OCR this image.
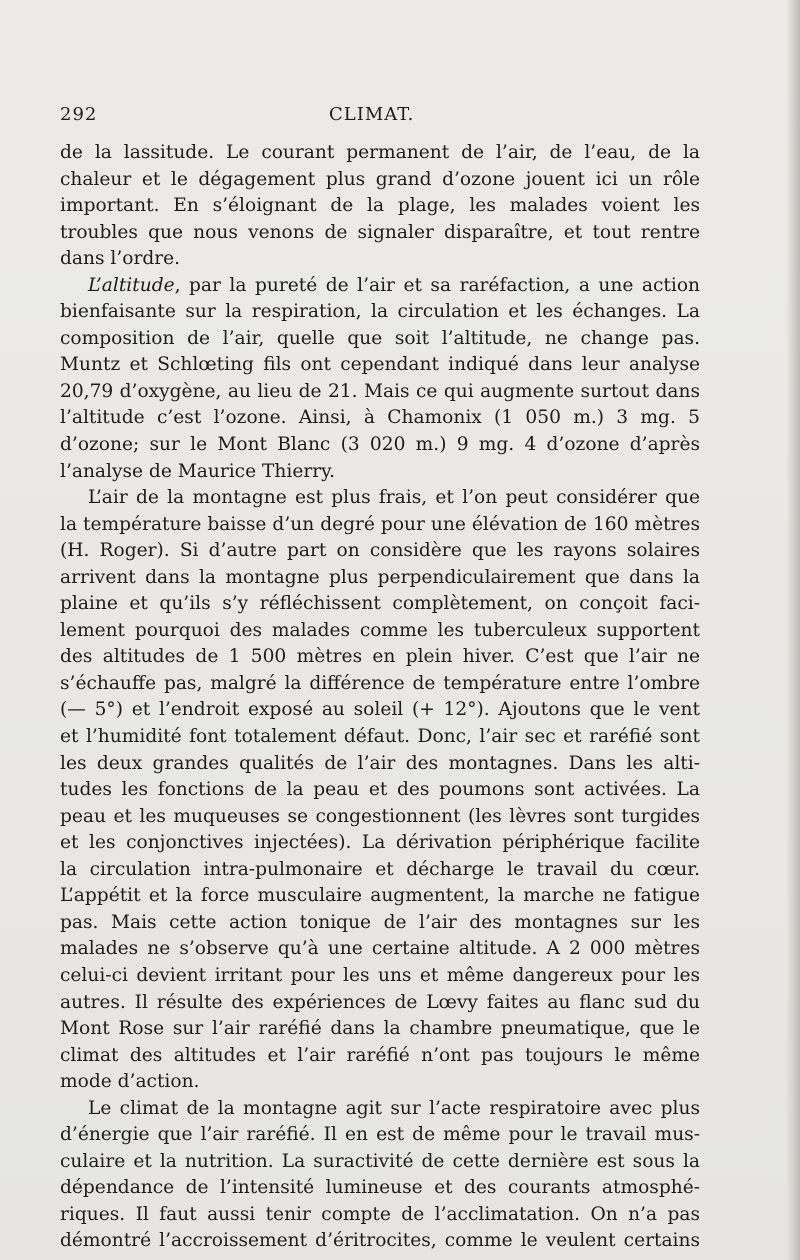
292	CLIMAT.
de la lassitude. Le courant permanent de l’air, de l’eau, de la
chaleur et le dégagement plus grand d’ozone jouent ici un rôle
important. En s’éloignant de la plage, les malades voient les
troubles que nous venons de signaler disparaître, et tout rentre
dans l’ordre.
L’altitude, par la pureté de l’air et sa raréfaction, a une action
bienfaisante sur la respiration, la circulation et les échanges. La
composition de l’air, quelle que soit l’altitude, ne change pas.
Muntz et Schlœting fils ont cependant indiqué dans leur analyse
20,79 d’oxygène, au lieu de 21. Mais ce qui augmente surtout dans
l’altitude c’est l’ozone. Ainsi, à Chamonix (1 050 m.) 3 mg. 5
d’ozone; sur le Mont Blanc (3 020 m.) 9 mg. 4 d’ozone d’après
l’analyse de Maurice Thierry.
L’air de la montagne est plus frais, et l’on peut considérer que
la température baisse d’un degré pour une élévation de 160 mètres
(H. Roger). Si d’autre part on considère que les rayons solaires
arrivent dans la montagne plus perpendiculairement que dans la
plaine et qu’ils s’y réfléchissent complètement, on conçoit faci-
lement pourquoi des malades comme les tuberculeux supportent
des altitudes de 1 500 mètres en plein hiver. C’est que l’air ne
s’échauffe pas, malgré la différence de température entre l’ombre
(— 5°) et l’endroit exposé au soleil (+ 12°). Ajoutons que le vent
et l’humidité font totalement défaut. Donc, l’air sec et raréfié sont
les deux grandes qualités de l’air des montagnes. Dans les alti-
tudes les fonctions de la peau et des poumons sont activées. La
peau et les muqueuses se congestionnent (les lèvres sont turgides
et les conjonctives injectées). La dérivation périphérique facilite
la circulation intra-pulmonaire et décharge le travail du cœur.
L’appétit et la force musculaire augmentent, la marche ne fatigue
pas. Mais cette action tonique de l’air des montagnes sur les
malades ne s’observe qu’à une certaine altitude. A 2 000 mètres
celui-ci devient irritant pour les uns et même dangereux pour les
autres. Il résulte des expériences de Lœvy faites au flanc sud du
Mont Rose sur l’air raréfié dans la chambre pneumatique, que le
climat des altitudes et l’air raréfié n’ont pas toujours le même
mode d’action.
Le climat de la montagne agit sur l’acte respiratoire avec plus
d’énergie que l’air raréfié. Il en est de même pour le travail mus-
culaire et la nutrition. La suractivité de cette dernière est sous la
dépendance de l’intensité lumineuse et des courants atmosphé-
riques. Il faut aussi tenir compte de l’acclimatation. On n’a pas
démontré l’accroissement d’éritrocites, comme le veulent certains
